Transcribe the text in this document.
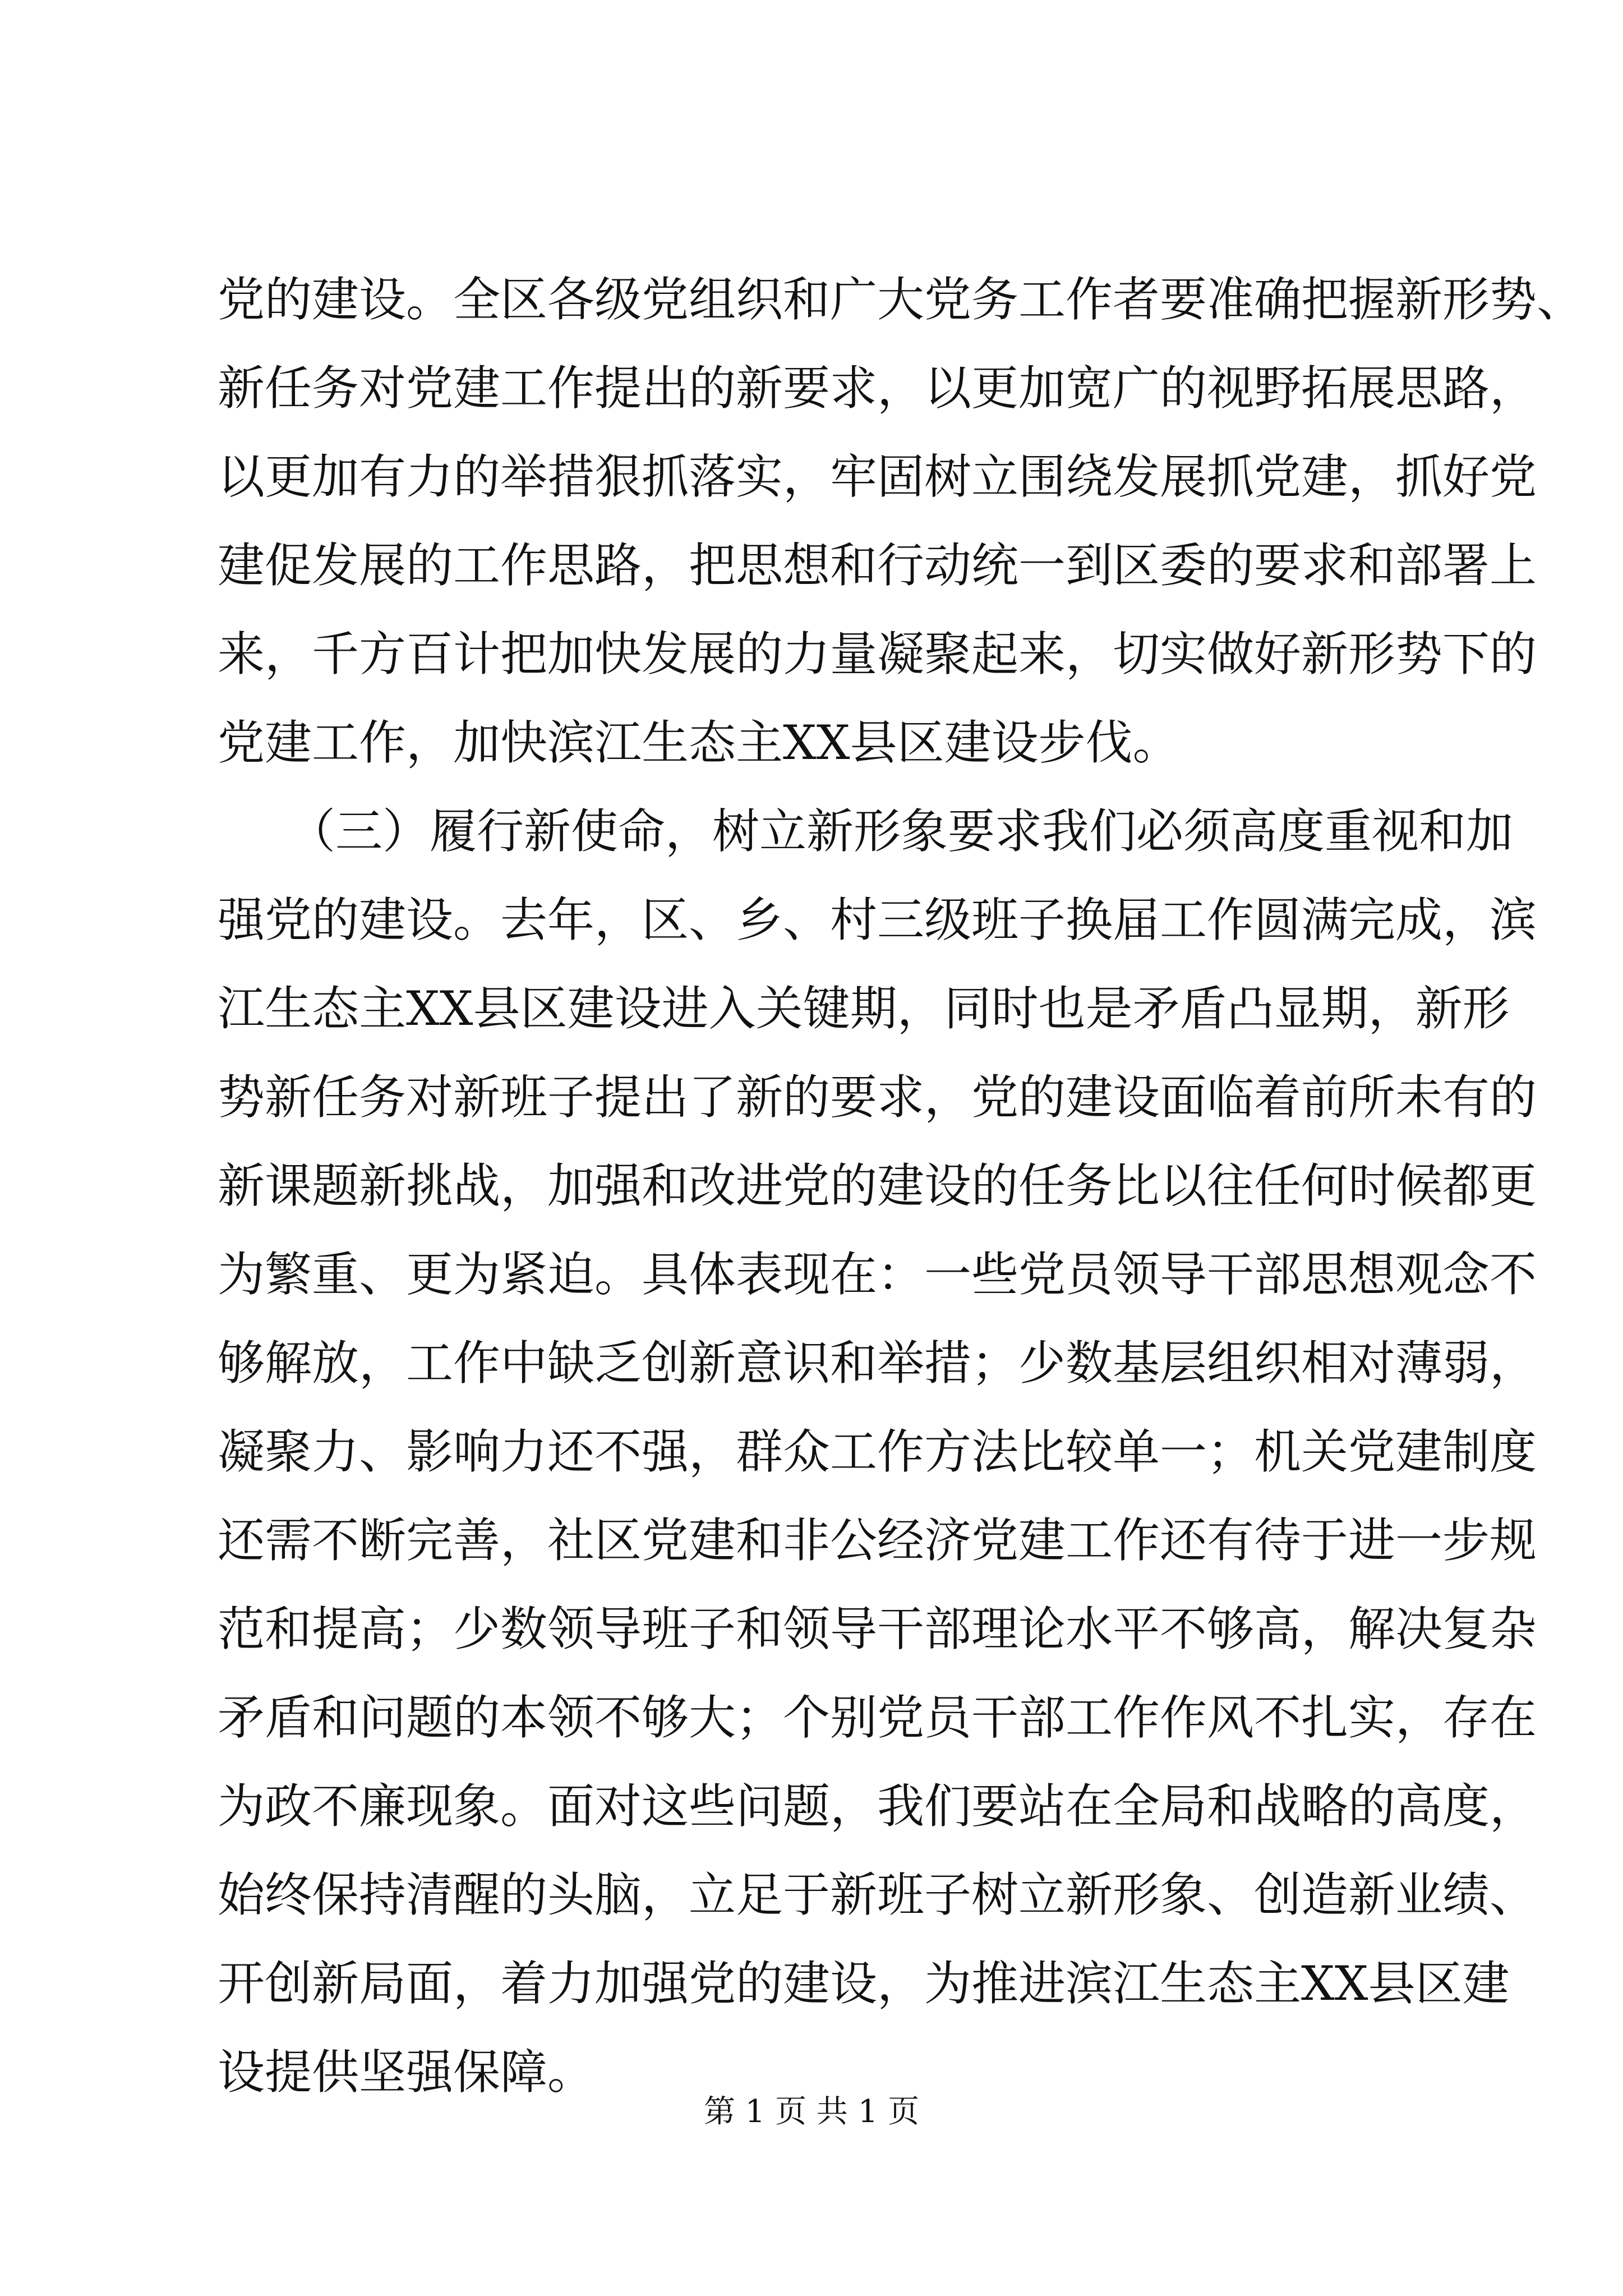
党的建设。全区各级党组织和广大党务工作者要准确把握新形势、
新任务对党建工作提出的新要求，以更加宽广的视野拓展思路，
以更加有力的举措狠抓落实，牢固树立围绕发展抓党建，抓好党
建促发展的工作思路，把思想和行动统一到区委的要求和部署上
来，千方百计把加快发展的力量凝聚起来，切实做好新形势下的
党建工作，加快滨江生态主XX县区建设步伐。
　　（三）履行新使命，树立新形象要求我们必须高度重视和加
强党的建设。去年，区、乡、村三级班子换届工作圆满完成，滨
江生态主XX县区建设进入关键期，同时也是矛盾凸显期，新形
势新任务对新班子提出了新的要求，党的建设面临着前所未有的
新课题新挑战，加强和改进党的建设的任务比以往任何时候都更
为繁重、更为紧迫。具体表现在：一些党员领导干部思想观念不
够解放，工作中缺乏创新意识和举措；少数基层组织相对薄弱，
凝聚力、影响力还不强，群众工作方法比较单一；机关党建制度
还需不断完善，社区党建和非公经济党建工作还有待于进一步规
范和提高；少数领导班子和领导干部理论水平不够高，解决复杂
矛盾和问题的本领不够大；个别党员干部工作作风不扎实，存在
为政不廉现象。面对这些问题，我们要站在全局和战略的高度，
始终保持清醒的头脑，立足于新班子树立新形象、创造新业绩、
开创新局面，着力加强党的建设，为推进滨江生态主XX县区建
设提供坚强保障。
第 1 页 共 1 页
